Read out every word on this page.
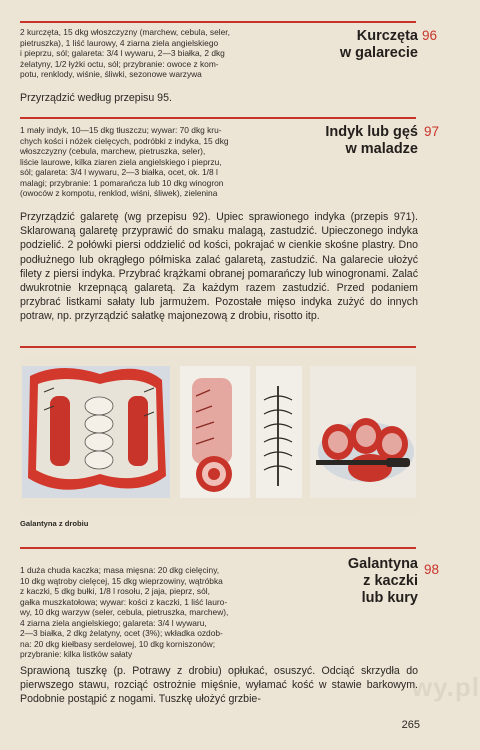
wy.pl
2 kurczęta, 15 dkg włoszczyzny (marchew, cebula, seler,
pietruszka), 1 liść laurowy, 4 ziarna ziela angielskiego
i pieprzu, sól; galareta: 3/4 l wywaru, 2—3 białka, 2 dkg
żelatyny, 1/2 łyżki octu, sól; przybranie: owoce z kom-
potu, renklody, wiśnie, śliwki, sezonowe warzywa
Kurczęta
w galarecie
96
Przyrządzić według przepisu 95.
1 mały indyk, 10—15 dkg tłuszczu; wywar: 70 dkg kru-
chych kości i nóżek cielęcych, podróbki z indyka, 15 dkg
włoszczyzny (cebula, marchew, pietruszka, seler),
liście laurowe, kilka ziaren ziela angielskiego i pieprzu,
sól; galareta: 3/4 l wywaru, 2—3 białka, ocet, ok. 1/8 l
malagi; przybranie: 1 pomarańcza lub 10 dkg winogron
(owoców z kompotu, renklod, wiśni, śliwek), zielenina
Indyk lub gęś
w maladze
97
Przyrządzić galaretę (wg przepisu 92). Upiec sprawionego indyka (przepis 971). Sklarowaną galaretę przyprawić do smaku malagą, zastudzić. Upieczonego indyka podzielić. 2 połówki piersi oddzielić od kości, pokrajać w cienkie skośne plastry. Dno podłużnego lub okrągłego półmiska zalać galaretą, zastudzić. Na galarecie ułożyć filety z piersi indyka. Przybrać krążkami obranej pomarańczy lub winogronami. Zalać dwukrotnie krzepnącą galaretą. Za każdym razem zastudzić. Przed podaniem przybrać listkami sałaty lub jarmużem. Pozostałe mięso indyka zużyć do innych potraw, np. przyrządzić sałatkę majonezową z drobiu, risotto itp.
Galantyna z drobiu
1 duża chuda kaczka; masa mięsna: 20 dkg cielęciny,
10 dkg wątroby cielęcej, 15 dkg wieprzowiny, wątróbka
z kaczki, 5 dkg bułki, 1/8 l rosołu, 2 jaja, pieprz, sól,
gałka muszkatołowa; wywar: kości z kaczki, 1 liść lauro-
wy, 10 dkg warzyw (seler, cebula, pietruszka, marchew),
4 ziarna ziela angielskiego; galareta: 3/4 l wywaru,
2—3 białka, 2 dkg żelatyny, ocet (3%); wkładka ozdob-
na: 20 dkg kiełbasy serdelowej, 10 dkg korniszonów;
przybranie: kilka listków sałaty
Galantyna
z kaczki
lub kury
98
Sprawioną tuszkę (p. Potrawy z drobiu) opłukać, osuszyć. Odciąć skrzydła do pierwszego stawu, rozciąć ostrożnie mięśnie, wyłamać kość w stawie barkowym. Podobnie postąpić z nogami. Tuszkę ułożyć grzbie-
265
